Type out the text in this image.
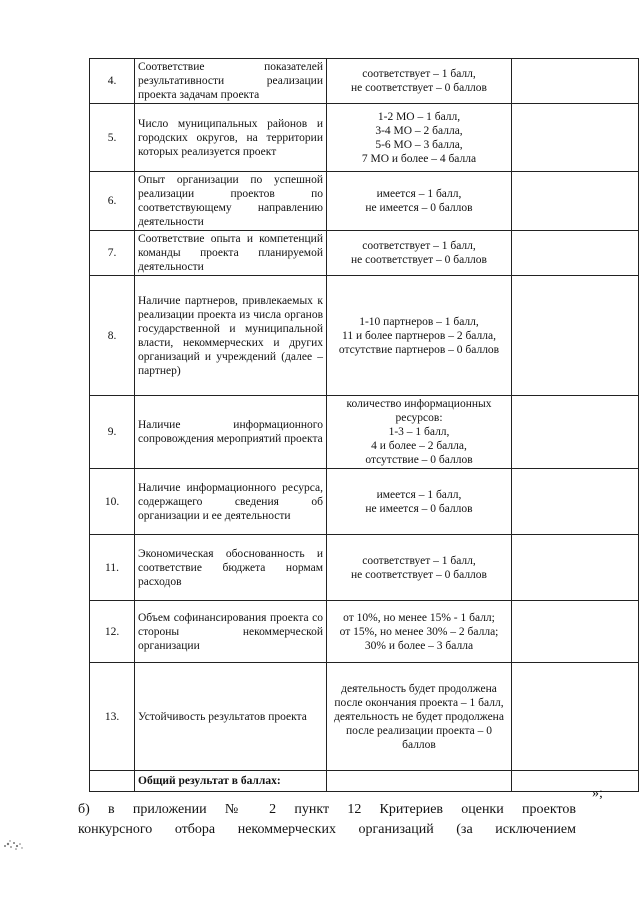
4.	Соответствие показателей результативности реализации проекта задачам проекта	соответствует – 1 балл,
не соответствует – 0 баллов	

5.	Число муниципальных районов и городских округов, на территории которых реализуется проект	1-2 МО – 1 балл,
3-4 МО – 2 балла,
5-6 МО – 3 балла,
7 МО и более – 4 балла	

6.	Опыт организации по успешной реализации проектов по соответствующему направлению деятельности	имеется – 1 балл,
не имеется – 0 баллов	

7.	Соответствие опыта и компетенций команды проекта планируемой деятельности	соответствует – 1 балл,
не соответствует – 0 баллов	

8.	Наличие партнеров, привлекаемых к реализации проекта из числа органов государственной и муниципальной власти, некоммерческих и других организаций и учреждений (далее – партнер)	1-10 партнеров – 1 балл,
11 и более партнеров – 2 балла,
отсутствие партнеров – 0 баллов	

9.	Наличие информационного сопровождения мероприятий проекта	количество информационных ресурсов:
1-3 – 1 балл,
4 и более – 2 балла,
отсутствие – 0 баллов	

10.	Наличие информационного ресурса, содержащего сведения об организации и ее деятельности	имеется – 1 балл,
не имеется – 0 баллов	

11.	Экономическая обоснованность и соответствие бюджета нормам расходов	соответствует – 1 балл,
не соответствует – 0 баллов	

12.	Объем софинансирования проекта со стороны некоммерческой организации	от 10%, но менее 15% - 1 балл;
от 15%, но менее 30% – 2 балла;
30% и более – 3 балла	

13.	Устойчивость результатов проекта	деятельность будет продолжена после окончания проекта – 1 балл,
деятельность не будет продолжена после реализации проекта – 0 баллов	

	Общий результат в баллах:		
»;
б) в приложении № 2 пункт 12 Критериев оценки проектов
конкурсного отбора некоммерческих организаций (за исключением
